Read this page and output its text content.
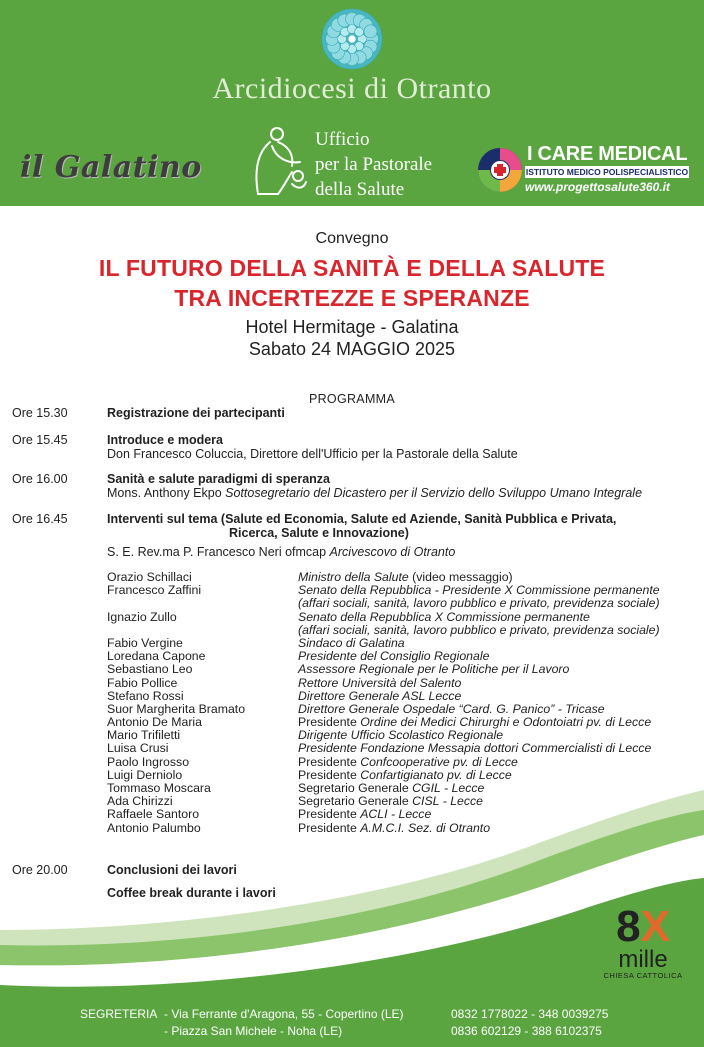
Arcidiocesi di Otranto
il Galatino
Ufficio
per la Pastorale
della Salute
I CARE MEDICAL
ISTITUTO MEDICO POLISPECIALISTICO
www.progettosalute360.it
Convegno
IL FUTURO DELLA SANITÀ E DELLA SALUTE
TRA INCERTEZZE E SPERANZE
Hotel Hermitage - Galatina
Sabato 24 MAGGIO 2025
PROGRAMMA
Ore 15.30	Registrazione dei partecipanti
Ore 15.45	Introduce e modera
Don Francesco Coluccia, Direttore dell'Ufficio per la Pastorale della Salute
Ore 16.00	Sanità e salute paradigmi di speranza
Mons. Anthony Ekpo Sottosegretario del Dicastero per il Servizio dello Sviluppo Umano Integrale
Ore 16.45	Interventi sul tema (Salute ed Economia, Salute ed Aziende, Sanità Pubblica e Privata,
Ricerca, Salute e Innovazione)
S. E. Rev.ma P. Francesco Neri ofmcap Arcivescovo di Otranto
Orazio Schillaci	Ministro della Salute (video messaggio)
Francesco Zaffini	Senato della Repubblica - Presidente X Commissione permanente
(affari sociali, sanità, lavoro pubblico e privato, previdenza sociale)
Ignazio Zullo	Senato della Repubblica X Commissione permanente
(affari sociali, sanità, lavoro pubblico e privato, previdenza sociale)
Fabio Vergine	Sindaco di Galatina
Loredana Capone	Presidente del Consiglio Regionale
Sebastiano Leo	Assessore Regionale per le Politiche per il Lavoro
Fabio Pollice	Rettore Università del Salento
Stefano Rossi	Direttore Generale ASL Lecce
Suor Margherita Bramato	Direttore Generale Ospedale “Card. G. Panico” - Tricase
Antonio De Maria	Presidente Ordine dei Medici Chirurghi e Odontoiatri pv. di Lecce
Mario Trifiletti	Dirigente Ufficio Scolastico Regionale
Luisa Crusi	Presidente Fondazione Messapia dottori Commercialisti di Lecce
Paolo Ingrosso	Presidente Confcooperative pv. di Lecce
Luigi Derniolo	Presidente Confartigianato pv. di Lecce
Tommaso Moscara	Segretario Generale CGIL - Lecce
Ada Chirizzi	Segretario Generale CISL - Lecce
Raffaele Santoro	Presidente ACLI - Lecce
Antonio Palumbo	Presidente A.M.C.I. Sez. di Otranto
Ore 20.00	Conclusioni dei lavori
Coffee break durante i lavori
8X
mille
CHIESA CATTOLICA
SEGRETERIA - Via Ferrante d'Aragona, 55 - Copertino (LE)	0832 1778022 - 348 0039275
- Piazza San Michele - Noha (LE)	0836 602129 - 388 6102375
